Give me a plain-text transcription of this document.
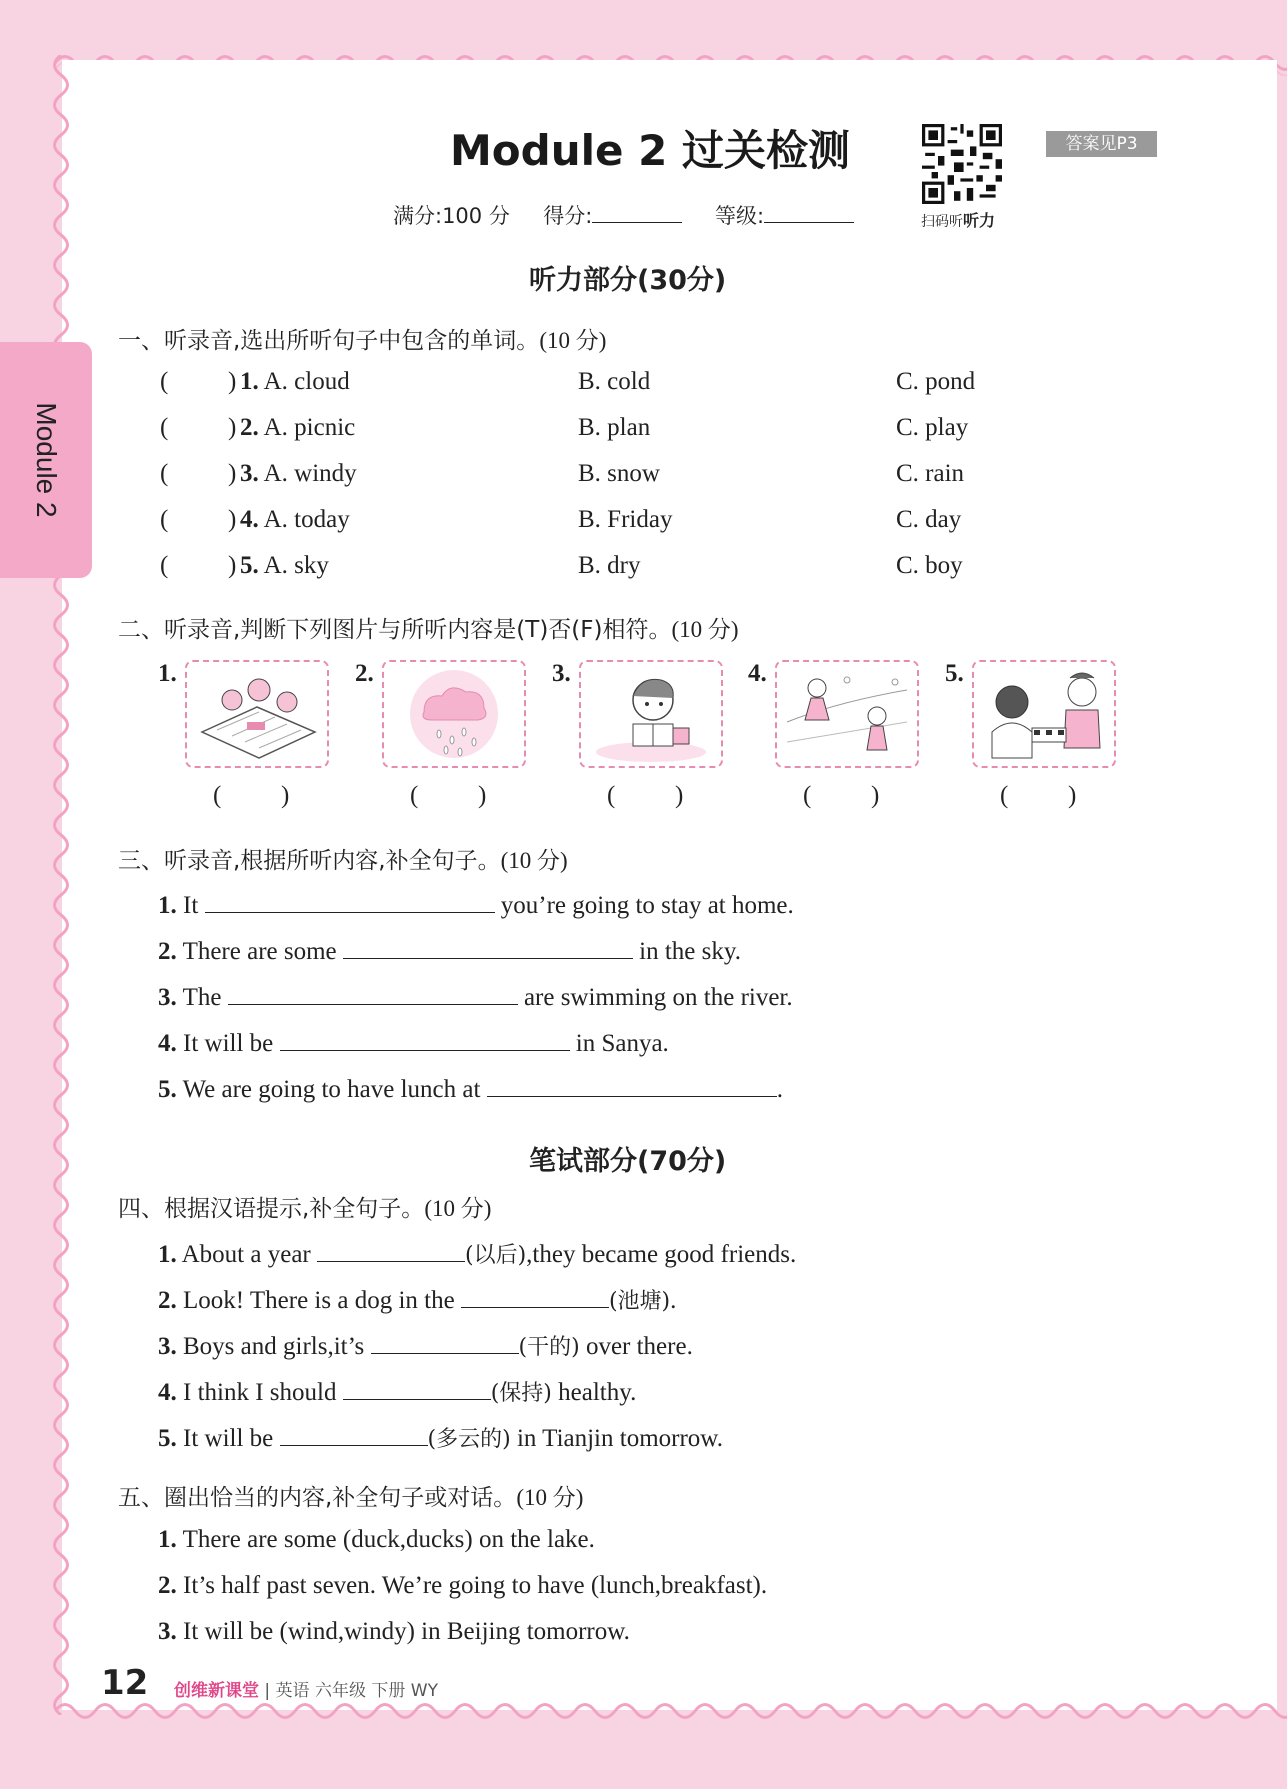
Module 2
Module 2 过关检测
扫码听听力
答案见P3
满分:100 分 得分:	等级:
听力部分(30分)
一、听录音,选出所听句子中包含的单词。(10 分)
( ) 1. A. cloud	B. cold	C. pond
( ) 2. A. picnic	B. plan	C. play
( ) 3. A. windy	B. snow	C. rain
( ) 4. A. today	B. Friday	C. day
( ) 5. A. sky	B. dry	C. boy
二、听录音,判断下列图片与所听内容是(T)否(F)相符。(10 分)
1.	2.	3.	4.	5.
( )	( )	( )	( )	( )
三、听录音,根据所听内容,补全句子。(10 分)
1. It	you’re going to stay at home.
2. There are some	in the sky.
3. The	are swimming on the river.
4. It will be	in Sanya.
5. We are going to have lunch at	.
笔试部分(70分)
四、根据汉语提示,补全句子。(10 分)
1. About a year	(以后),they became good friends.
2. Look! There is a dog in the	(池塘).
3. Boys and girls,it’s	(干的) over there.
4. I think I should	(保持) healthy.
5. It will be	(多云的) in Tianjin tomorrow.
五、圈出恰当的内容,补全句子或对话。(10 分)
1. There are some (duck,ducks) on the lake.
2. It’s half past seven. We’re going to have (lunch,breakfast).
3. It will be (wind,windy) in Beijing tomorrow.
12 创维新课堂 | 英语 六年级 下册 WY
